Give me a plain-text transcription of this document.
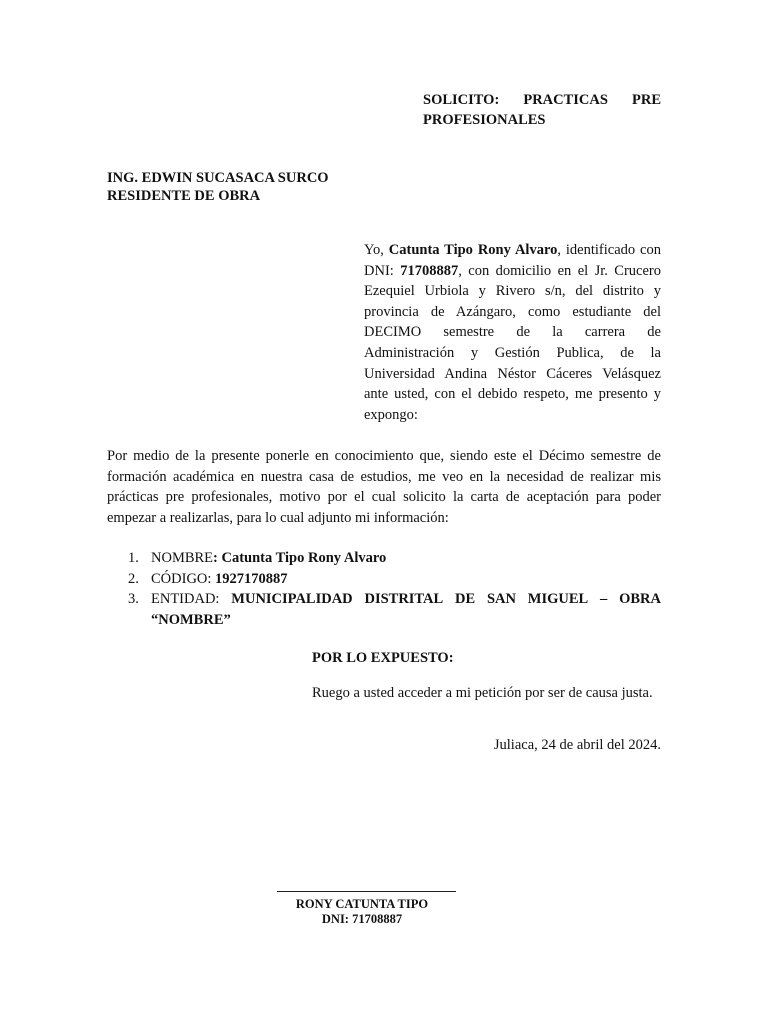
SOLICITO: PRACTICAS PRE
PROFESIONALES
ING. EDWIN SUCASACA SURCO
RESIDENTE DE OBRA
Yo, Catunta Tipo Rony Alvaro, identificado con DNI: 71708887, con domicilio en el Jr. Crucero Ezequiel Urbiola y Rivero s/n, del distrito y provincia de Azángaro, como estudiante del DECIMO semestre de la carrera de Administración y Gestión Publica, de la Universidad Andina Néstor Cáceres Velásquez ante usted, con el debido respeto, me presento y expongo:
Por medio de la presente ponerle en conocimiento que, siendo este el Décimo semestre de formación académica en nuestra casa de estudios, me veo en la necesidad de realizar mis prácticas pre profesionales, motivo por el cual solicito la carta de aceptación para poder empezar a realizarlas, para lo cual adjunto mi información:
1. NOMBRE: Catunta Tipo Rony Alvaro
2. CÓDIGO: 1927170887
3. ENTIDAD: MUNICIPALIDAD DISTRITAL DE SAN MIGUEL – OBRA
“NOMBRE”
POR LO EXPUESTO:
Ruego a usted acceder a mi petición por ser de causa justa.
Juliaca, 24 de abril del 2024.
RONY CATUNTA TIPO
DNI: 71708887
